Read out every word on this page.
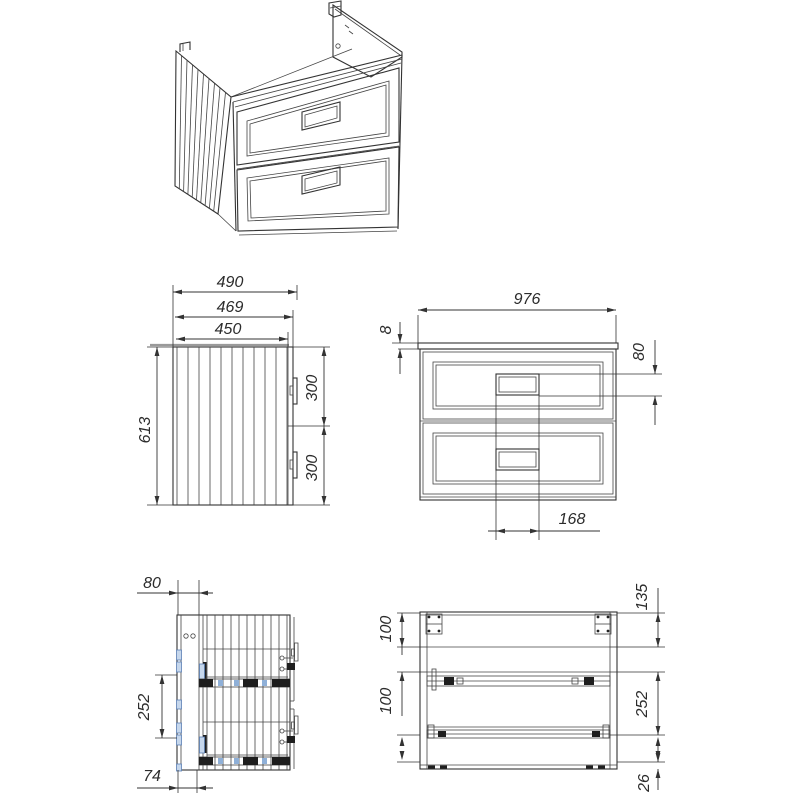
490
469
450
613
300
300
976
8
80
168
80
252
74
100
100
135
252
26
